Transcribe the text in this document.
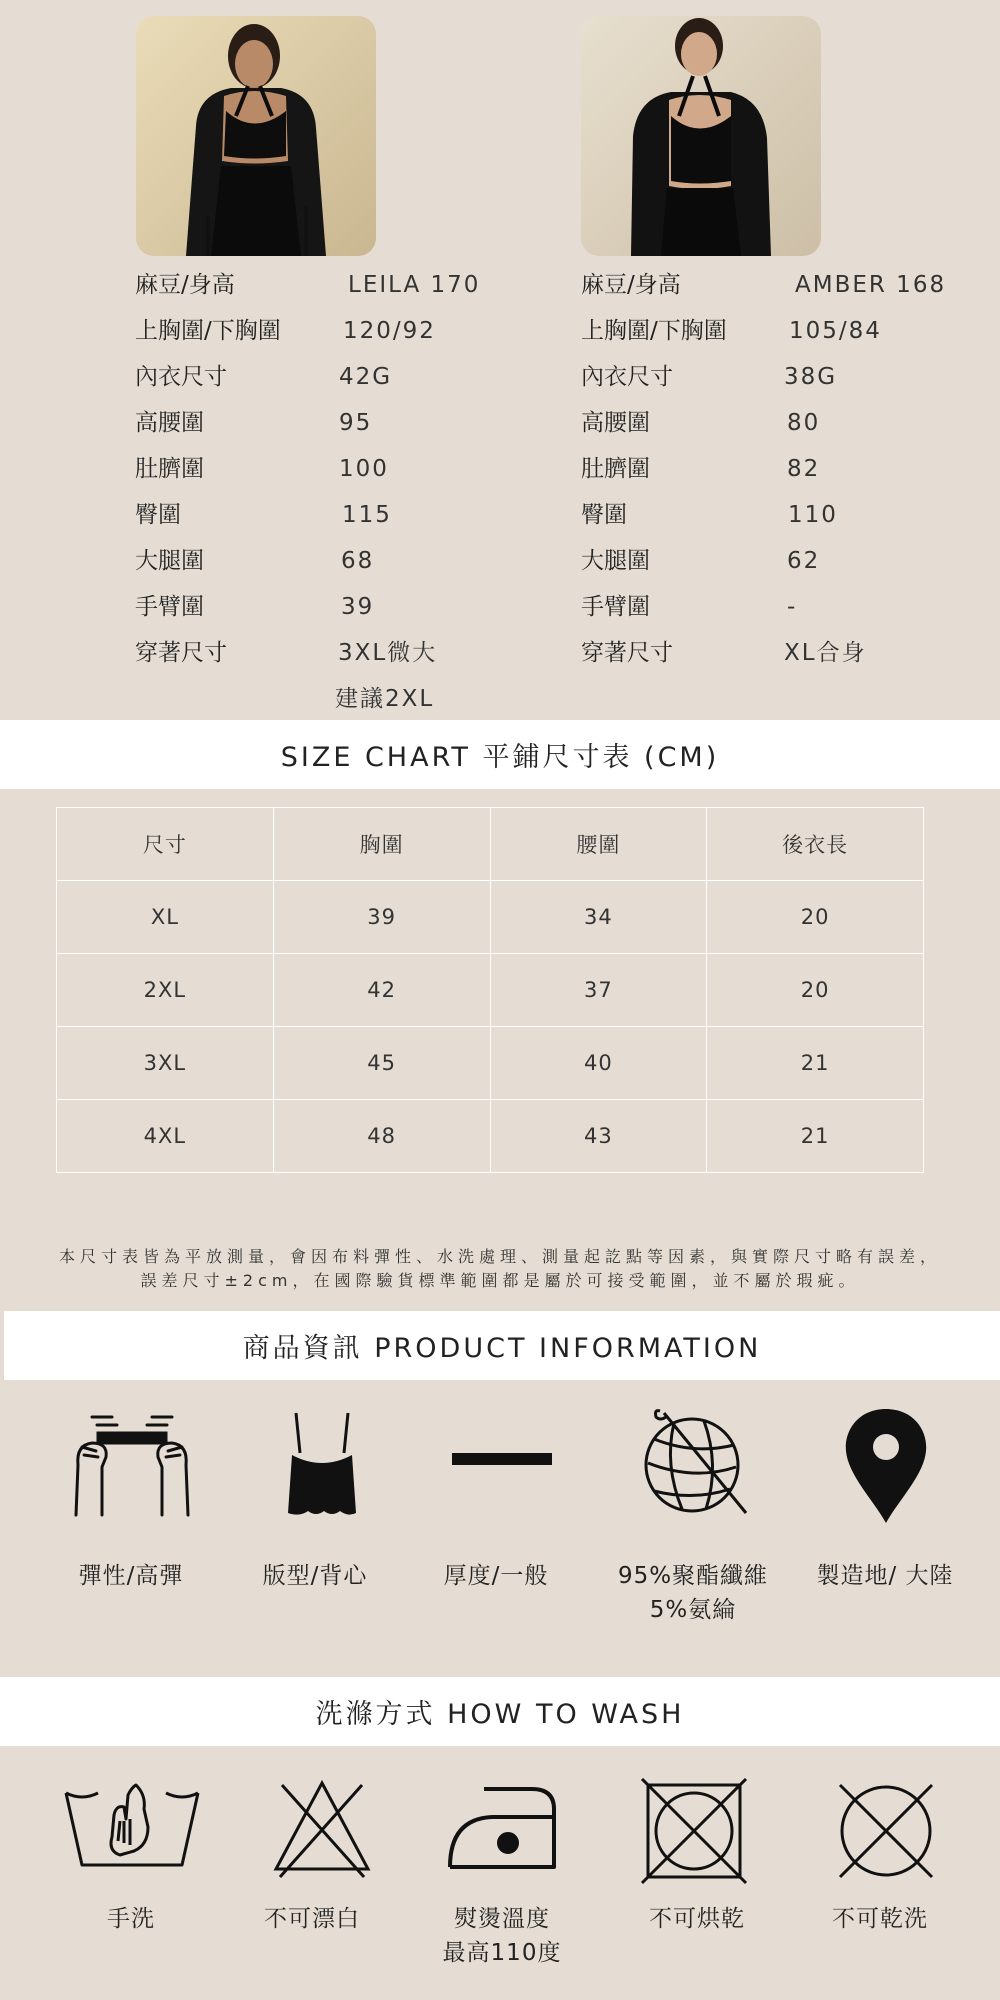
麻豆/身高	LEILA 170
上胸圍/下胸圍	120/92
內衣尺寸	42G
高腰圍	95
肚臍圍	100
臀圍	115
大腿圍	68
手臂圍	39
穿著尺寸	3XL微大
建議2XL
麻豆/身高	AMBER 168
上胸圍/下胸圍	105/84
內衣尺寸	38G
高腰圍	80
肚臍圍	82
臀圍	110
大腿圍	62
手臂圍	-
穿著尺寸	XL合身
SIZE CHART 平鋪尺寸表 (CM)
尺寸	胸圍	腰圍	後衣長
XL	39	34	20
2XL	42	37	20
3XL	45	40	21
4XL	48	43	21
本尺寸表皆為平放測量，會因布料彈性、水洗處理、測量起訖點等因素，與實際尺寸略有誤差，
誤差尺寸±2cm，在國際驗貨標準範圍都是屬於可接受範圍，並不屬於瑕疵。
商品資訊 PRODUCT INFORMATION
彈性/高彈	版型/背心	厚度/一般	95%聚酯纖維
5%氨綸
製造地/ 大陸
洗滌方式 HOW TO WASH
手洗	不可漂白	熨燙溫度
最高110度
不可烘乾	不可乾洗
